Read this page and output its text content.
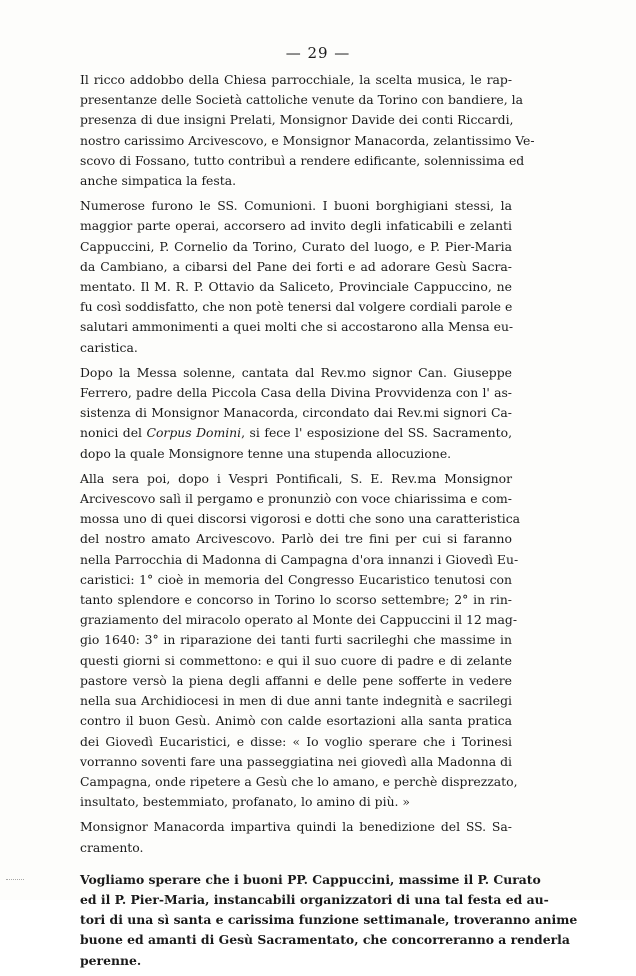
— 29 —
Il ricco addobbo della Chiesa parrocchiale, la scelta musica, le rap-
presentanze delle Società cattoliche venute da Torino con bandiere, la
presenza di due insigni Prelati, Monsignor Davide dei conti Riccardi,
nostro carissimo Arcivescovo, e Monsignor Manacorda, zelantissimo Ve-
scovo di Fossano, tutto contribuì a rendere edificante, solennissima ed
anche simpatica la festa.
Numerose furono le SS. Comunioni. I buoni borghigiani stessi, la
maggior parte operai, accorsero ad invito degli infaticabili e zelanti
Cappuccini, P. Cornelio da Torino, Curato del luogo, e P. Pier-Maria
da Cambiano, a cibarsi del Pane dei forti e ad adorare Gesù Sacra-
mentato. Il M. R. P. Ottavio da Saliceto, Provinciale Cappuccino, ne
fu così soddisfatto, che non potè tenersi dal volgere cordiali parole e
salutari ammonimenti a quei molti che si accostarono alla Mensa eu-
caristica.
Dopo la Messa solenne, cantata dal Rev.mo signor Can. Giuseppe
Ferrero, padre della Piccola Casa della Divina Provvidenza con l' as-
sistenza di Monsignor Manacorda, circondato dai Rev.mi signori Ca-
nonici del Corpus Domini, si fece l' esposizione del SS. Sacramento,
dopo la quale Monsignore tenne una stupenda allocuzione.
Alla sera poi, dopo i Vespri Pontificali, S. E. Rev.ma Monsignor
Arcivescovo salì il pergamo e pronunziò con voce chiarissima e com-
mossa uno di quei discorsi vigorosi e dotti che sono una caratteristica
del nostro amato Arcivescovo. Parlò dei tre fini per cui si faranno
nella Parrocchia di Madonna di Campagna d'ora innanzi i Giovedì Eu-
caristici: 1° cioè in memoria del Congresso Eucaristico tenutosi con
tanto splendore e concorso in Torino lo scorso settembre; 2° in rin-
graziamento del miracolo operato al Monte dei Cappuccini il 12 mag-
gio 1640: 3° in riparazione dei tanti furti sacrileghi che massime in
questi giorni si commettono: e qui il suo cuore di padre e di zelante
pastore versò la piena degli affanni e delle pene sofferte in vedere
nella sua Archidiocesi in men di due anni tante indegnità e sacrilegi
contro il buon Gesù. Animò con calde esortazioni alla santa pratica
dei Giovedì Eucaristici, e disse: « Io voglio sperare che i Torinesi
vorranno soventi fare una passeggiatina nei giovedì alla Madonna di
Campagna, onde ripetere a Gesù che lo amano, e perchè disprezzato,
insultato, bestemmiato, profanato, lo amino di più. »
Monsignor Manacorda impartiva quindi la benedizione del SS. Sa-
cramento.
Vogliamo sperare che i buoni PP. Cappuccini, massime il P. Curato
ed il P. Pier-Maria, instancabili organizzatori di una tal festa ed au-
tori di una sì santa e carissima funzione settimanale, troveranno anime
buone ed amanti di Gesù Sacramentato, che concorreranno a renderla
perenne.
